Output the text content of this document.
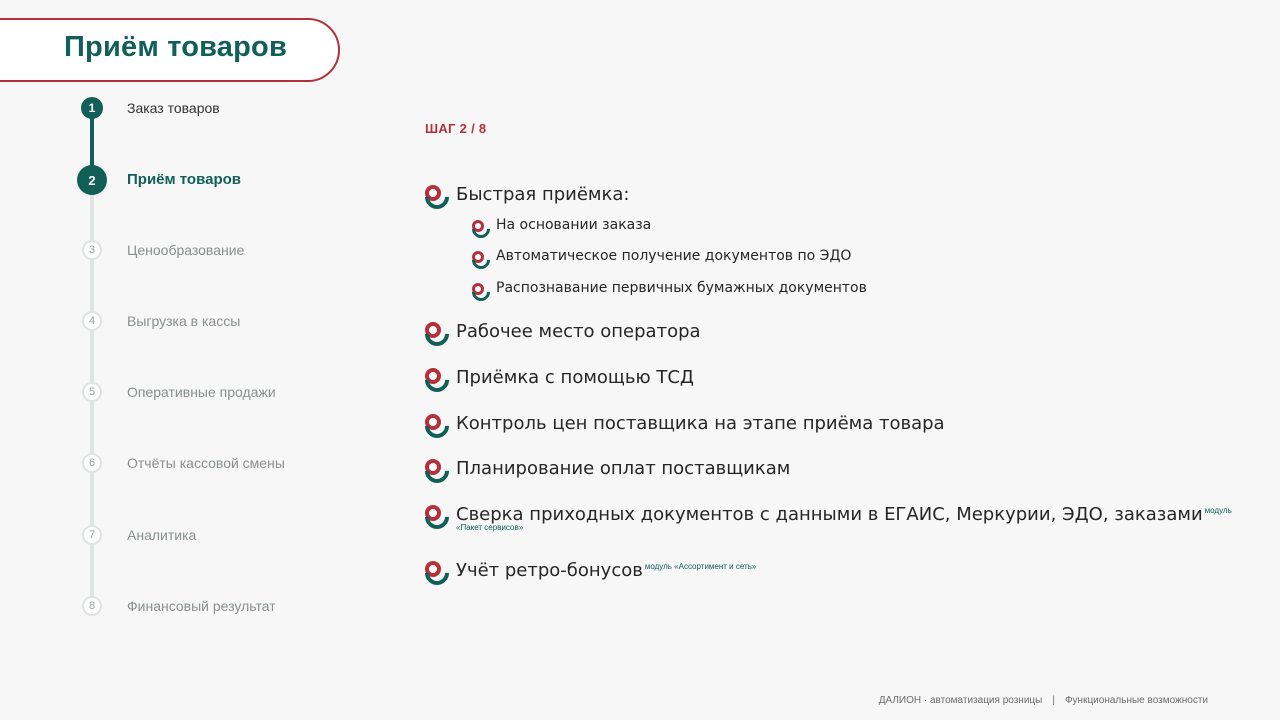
Приём товаров
1 Заказ товаров
2 Приём товаров
3 Ценообразование
4 Выгрузка в кассы
5 Оперативные продажи
6 Отчёты кассовой смены
7 Аналитика
8 Финансовый результат
ШАГ 2 / 8
Быстрая приёмка:
На основании заказа
Автоматическое получение документов по ЭДО
Распознавание первичных бумажных документов
Рабочее место оператора
Приёмка с помощью ТСД
Контроль цен поставщика на этапе приёма товара
Планирование оплат поставщикам
Сверка приходных документов с данными в ЕГАИС, Меркурии, ЭДО, заказами $^{модуль}$
«Пакет сервисов»
Учёт ретро-бонусов $^{модуль «Ассортимент и сеть»}$
ДАЛИОН · автоматизация розницы | Функциональные возможности
